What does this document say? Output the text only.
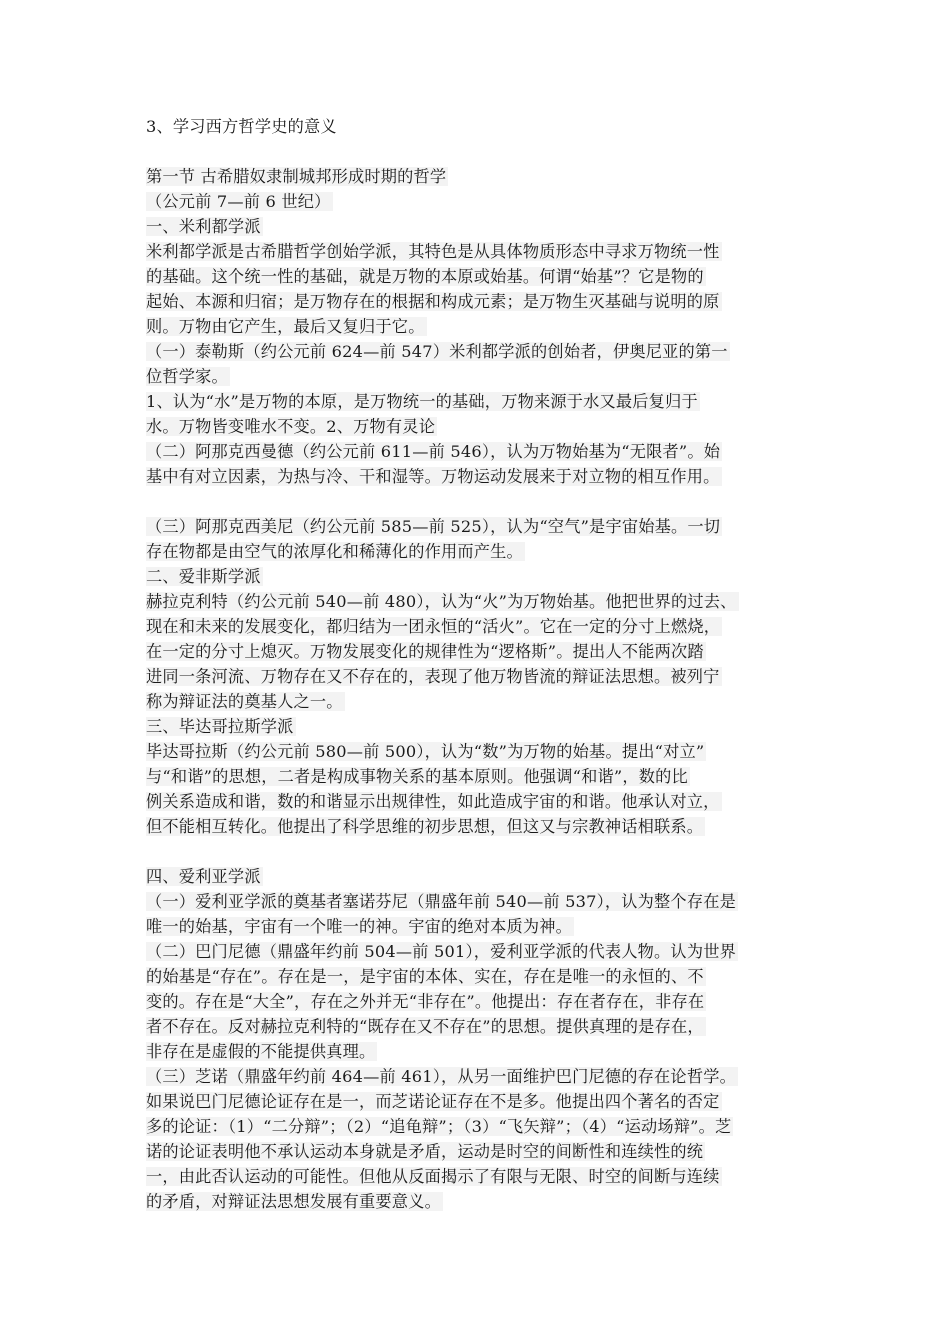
3、学习西方哲学史的意义
第一节 古希腊奴隶制城邦形成时期的哲学
（公元前 7—前 6 世纪）
一、米利都学派
米利都学派是古希腊哲学创始学派，其特色是从具体物质形态中寻求万物统一性
的基础。这个统一性的基础，就是万物的本原或始基。何谓“始基”？它是物的
起始、本源和归宿；是万物存在的根据和构成元素；是万物生灭基础与说明的原
则。万物由它产生，最后又复归于它。
（一）泰勒斯（约公元前 624—前 547）米利都学派的创始者，伊奥尼亚的第一
位哲学家。
1、认为“水”是万物的本原，是万物统一的基础，万物来源于水又最后复归于
水。万物皆变唯水不变。2、万物有灵论
（二）阿那克西曼德（约公元前 611—前 546），认为万物始基为“无限者”。始
基中有对立因素，为热与冷、干和湿等。万物运动发展来于对立物的相互作用。
（三）阿那克西美尼（约公元前 585—前 525），认为“空气”是宇宙始基。一切
存在物都是由空气的浓厚化和稀薄化的作用而产生。
二、爱非斯学派
赫拉克利特（约公元前 540—前 480），认为“火”为万物始基。他把世界的过去、
现在和未来的发展变化，都归结为一团永恒的“活火”。它在一定的分寸上燃烧，
在一定的分寸上熄灭。万物发展变化的规律性为“逻格斯”。提出人不能两次踏
进同一条河流、万物存在又不存在的，表现了他万物皆流的辩证法思想。被列宁
称为辩证法的奠基人之一。
三、毕达哥拉斯学派
毕达哥拉斯（约公元前 580—前 500），认为“数”为万物的始基。提出“对立”
与“和谐”的思想，二者是构成事物关系的基本原则。他强调“和谐”，数的比
例关系造成和谐，数的和谐显示出规律性，如此造成宇宙的和谐。他承认对立，
但不能相互转化。他提出了科学思维的初步思想，但这又与宗教神话相联系。
四、爱利亚学派
（一）爱利亚学派的奠基者塞诺芬尼（鼎盛年前 540—前 537），认为整个存在是
唯一的始基，宇宙有一个唯一的神。宇宙的绝对本质为神。
（二）巴门尼德（鼎盛年约前 504—前 501），爱利亚学派的代表人物。认为世界
的始基是“存在”。存在是一，是宇宙的本体、实在，存在是唯一的永恒的、不
变的。存在是“大全”，存在之外并无“非存在”。他提出：存在者存在，非存在
者不存在。反对赫拉克利特的“既存在又不存在”的思想。提供真理的是存在，
非存在是虚假的不能提供真理。
（三）芝诺（鼎盛年约前 464—前 461），从另一面维护巴门尼德的存在论哲学。
如果说巴门尼德论证存在是一，而芝诺论证存在不是多。他提出四个著名的否定
多的论证：（1）“二分辩”；（2）“追龟辩”；（3）“飞矢辩”；（4）“运动场辩”。芝
诺的论证表明他不承认运动本身就是矛盾，运动是时空的间断性和连续性的统
一，由此否认运动的可能性。但他从反面揭示了有限与无限、时空的间断与连续
的矛盾，对辩证法思想发展有重要意义。
